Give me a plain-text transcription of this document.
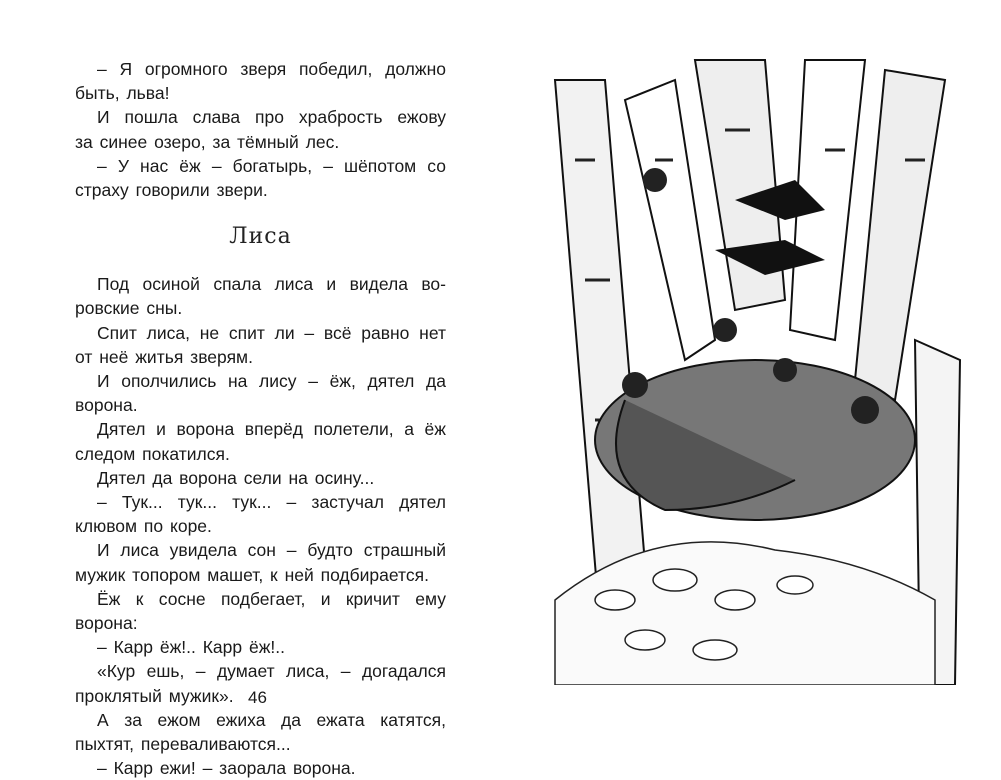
– Я огромного зверя победил, должно
быть, льва!
И пошла слава про храбрость ежову
за синее озеро, за тёмный лес.
– У нас ёж – богатырь, – шёпотом со
страху говорили звери.
Лиса
Под осиной спала лиса и видела во-
ровские сны.
Спит лиса, не спит ли – всё равно нет
от неё житья зверям.
И ополчились на лису – ёж, дятел да
ворона.
Дятел и ворона вперёд полетели, а ёж
следом покатился.
Дятел да ворона сели на осину...
– Тук... тук... тук... – застучал дятел
клювом по коре.
И лиса увидела сон – будто страшный
мужик топором машет, к ней подбирается.
Ёж к сосне подбегает, и кричит ему
ворона:
– Карр ёж!.. Карр ёж!..
«Кур ешь, – думает лиса, – догадался
проклятый мужик».
А за ежом ежиха да ежата катятся,
пыхтят, переваливаются...
– Карр ежи! – заорала ворона.
46
